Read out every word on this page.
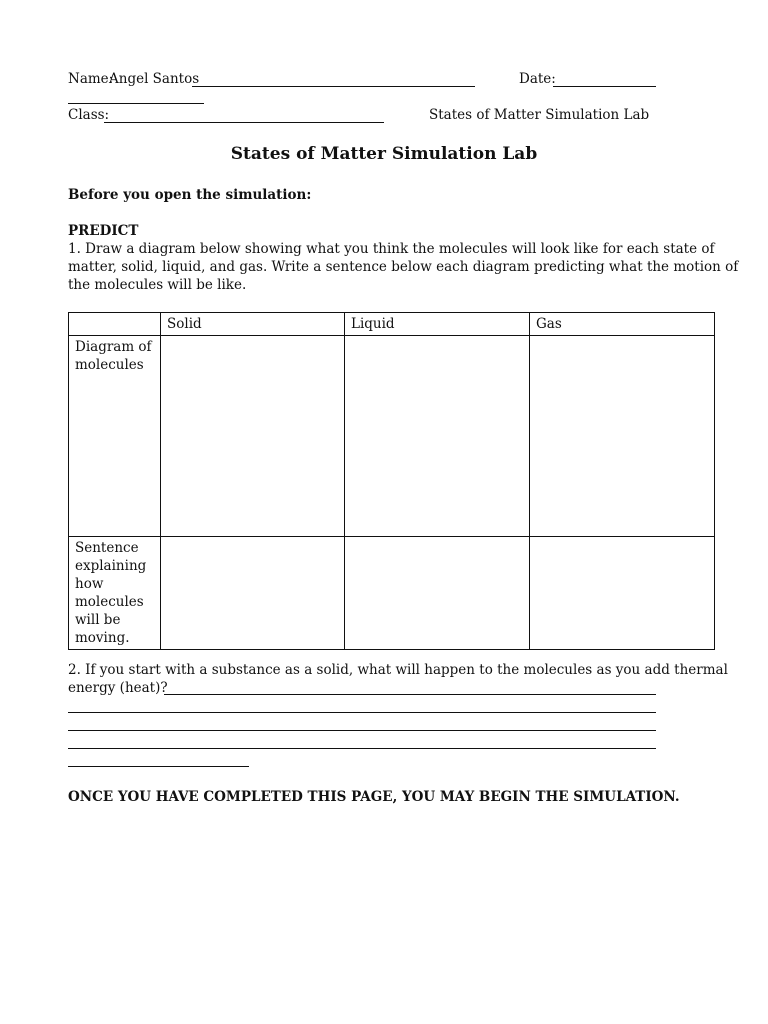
Name:
Angel Santos	Date:
Class:	States of Matter Simulation Lab
States of Matter Simulation Lab
Before you open the simulation:
PREDICT
1. Draw a diagram below showing what you think the molecules will look like for each state of
matter, solid, liquid, and gas. Write a sentence below each diagram predicting what the motion of
the molecules will be like.
	Solid	Liquid	Gas
Diagram of molecules			
Sentence explaining how molecules will be moving.			
2. If you start with a substance as a solid, what will happen to the molecules as you add thermal
energy (heat)?
ONCE YOU HAVE COMPLETED THIS PAGE, YOU MAY BEGIN THE SIMULATION.
